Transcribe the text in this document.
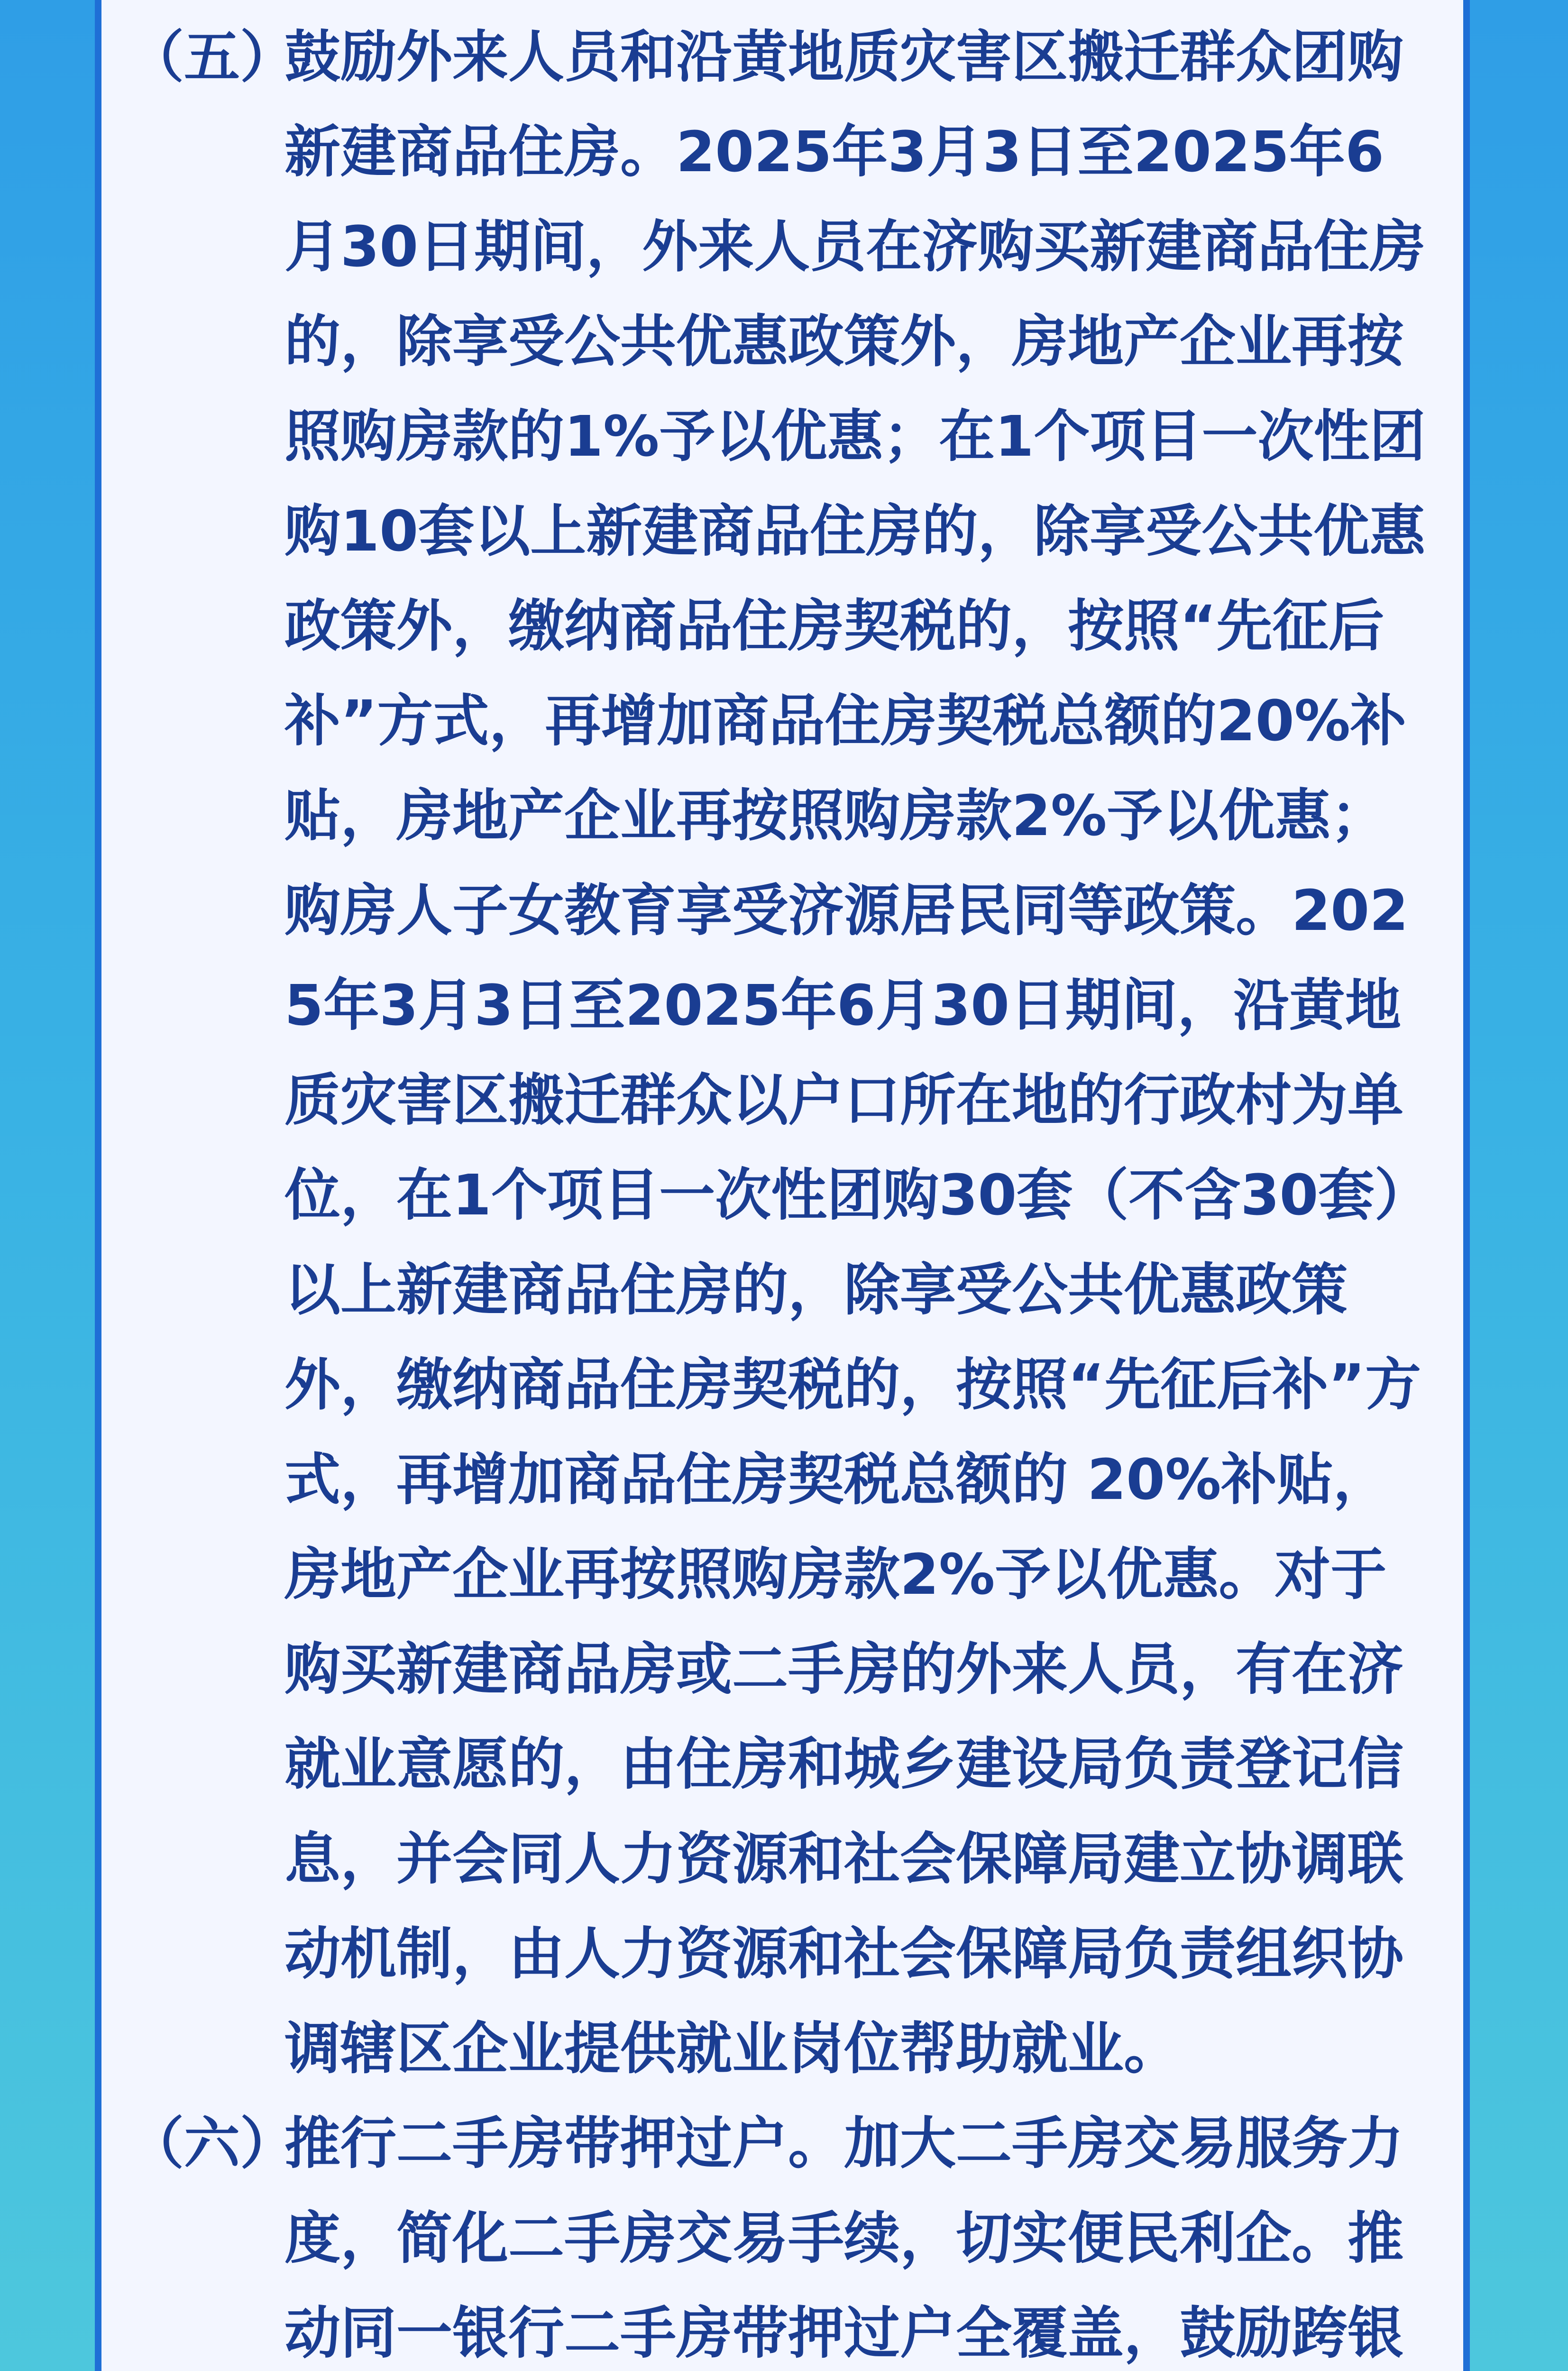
（五）
鼓励外来人员和沿黄地质灾害区搬迁群众团购新建商品住房。2025年3月3日至2025年6月30日期间，外来人员在济购买新建商品住房的，除享受公共优惠政策外，房地产企业再按照购房款的1%予以优惠；在1个项目一次性团购10套以上新建商品住房的，除享受公共优惠政策外，缴纳商品住房契税的，按照“先征后补”方式，再增加商品住房契税总额的20%补贴，房地产企业再按照购房款2%予以优惠；购房人子女教育享受济源居民同等政策。2025年3月3日至2025年6月30日期间，沿黄地质灾害区搬迁群众以户口所在地的行政村为单位，在1个项目一次性团购30套（不含30套）以上新建商品住房的，除享受公共优惠政策外，缴纳商品住房契税的，按照“先征后补”方式，再增加商品住房契税总额的 20%补贴，房地产企业再按照购房款2%予以优惠。对于购买新建商品房或二手房的外来人员，有在济就业意愿的，由住房和城乡建设局负责登记信息，并会同人力资源和社会保障局建立协调联动机制，由人力资源和社会保障局负责组织协调辖区企业提供就业岗位帮助就业。
（六）
推行二手房带押过户。加大二手房交易服务力度，简化二手房交易手续，切实便民利企。推动同一银行二手房带押过户全覆盖，鼓励跨银
